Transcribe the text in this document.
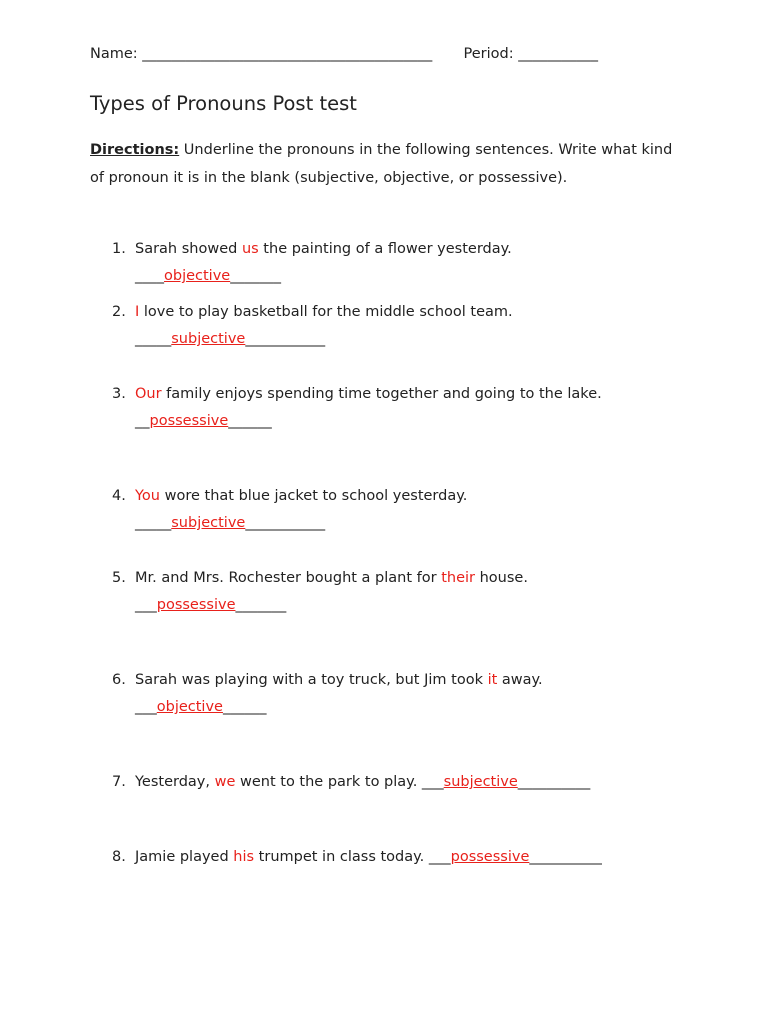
Name: ________________________________________ Period: ___________
Types of Pronouns Post test
Directions: Underline the pronouns in the following sentences. Write what kind of pronoun it is in the blank (subjective, objective, or possessive).
1. Sarah showed us the painting of a flower yesterday.
____objective_______
2. I love to play basketball for the middle school team.
_____subjective___________
3. Our family enjoys spending time together and going to the lake.
__possessive______
4. You wore that blue jacket to school yesterday.
_____subjective___________
5. Mr. and Mrs. Rochester bought a plant for their house.
___possessive_______
6. Sarah was playing with a toy truck, but Jim took it away.
___objective______
7. Yesterday, we went to the park to play. ___subjective__________
8. Jamie played his trumpet in class today. ___possessive__________
